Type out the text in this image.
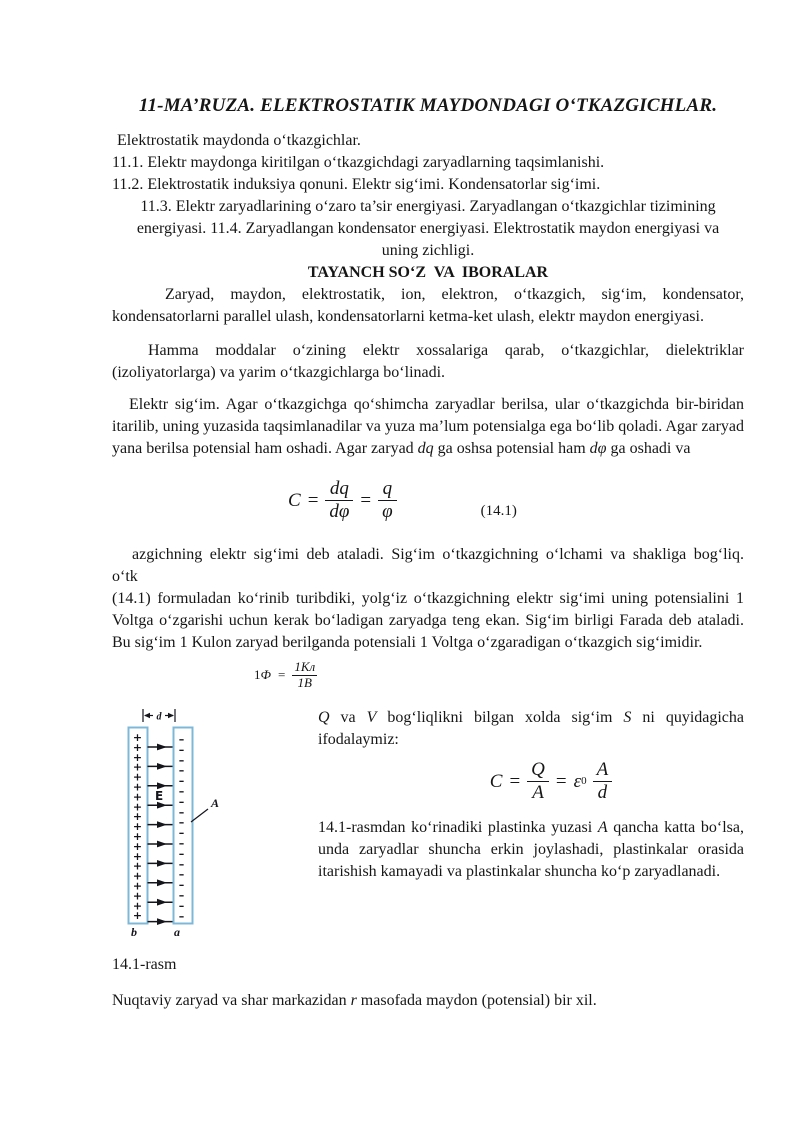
11-MA’RUZA. ELEKTROSTATIK MAYDONDAGI O‘TKAZGICHLAR.

Elektrostatik maydonda o‘tkazgichlar.

11.1. Elektr maydonga kiritilgan o‘tkazgichdagi zaryadlarning taqsimlanishi.

11.2. Elektrostatik induksiya qonuni. Elektr sig‘imi. Kondensatorlar sig‘imi.

11.3. Elektr zaryadlarining o‘zaro ta’sir energiyasi. Zaryadlangan o‘tkazgichlar tizimining energiyasi. 11.4. Zaryadlangan kondensator energiyasi. Elektrostatik maydon energiyasi va uning zichligi.

TAYANCH SO‘Z  VA  IBORALAR

Zaryad, maydon, elektrostatik, ion, elektron, o‘tkazgich, sig‘im, kondensator, kondensatorlarni parallel ulash, kondensatorlarni ketma-ket ulash, elektr maydon energiyasi.

Hamma moddalar o‘zining elektr xossalariga qarab, o‘tkazgichlar, dielektriklar (izoliyatorlarga) va yarim o‘tkazgichlarga bo‘linadi.

Elektr sig‘im. Agar o‘tkazgichga qo‘shimcha zaryadlar berilsa, ular o‘tkazgichda bir-biridan itarilib, uning yuzasida taqsimlanadilar va yuza ma’lum potensialga ega bo‘lib qoladi. Agar zaryad yana berilsa potensial ham oshadi. Agar zaryad dq ga oshsa potensial ham dφ ga oshadi va

$C = \frac{dq}{d\varphi} = \frac{q}{\varphi}$	(14.1)

azgichning elektr sig‘imi deb ataladi. Sig‘im o‘tkazgichning o‘lchami va shakliga bog‘liq.

o‘tk

(14.1) formuladan ko‘rinib turibdiki, yolg‘iz o‘tkazgichning elektr sig‘imi uning potensialini 1 Voltga o‘zgarishi uchun kerak bo‘ladigan zaryadga teng ekan. Sig‘im birligi Farada deb ataladi. Bu sig‘im 1 Kulon zaryad berilganda potensiali 1 Voltga o‘zgaradigan o‘tkazgich sig‘imidir.

1 $Ф = \frac{1Кл}{1В}$
d
+
+
+
+
+
+
+
+
+
+
+
+
+
+
+
+
+
+
+
–
–
–
–
–
–
–
–
–
–
–
–
–
–
–
–
–
–
E	A
b	a

Q va V bog‘liqlikni bilgan xolda sig‘im S ni quyidagicha ifodalaymiz:

$C = \frac{Q}{A} = \varepsilon$ $0 \frac{A}{d}$

14.1-rasmdan ko‘rinadiki plastinka yuzasi A qancha katta bo‘lsa, unda zaryadlar shuncha erkin joylashadi, plastinkalar orasida itarishish kamayadi va plastinkalar shuncha ko‘p zaryadlanadi.

14.1-rasm

Nuqtaviy zaryad va shar markazidan r masofada maydon (potensial) bir xil.
